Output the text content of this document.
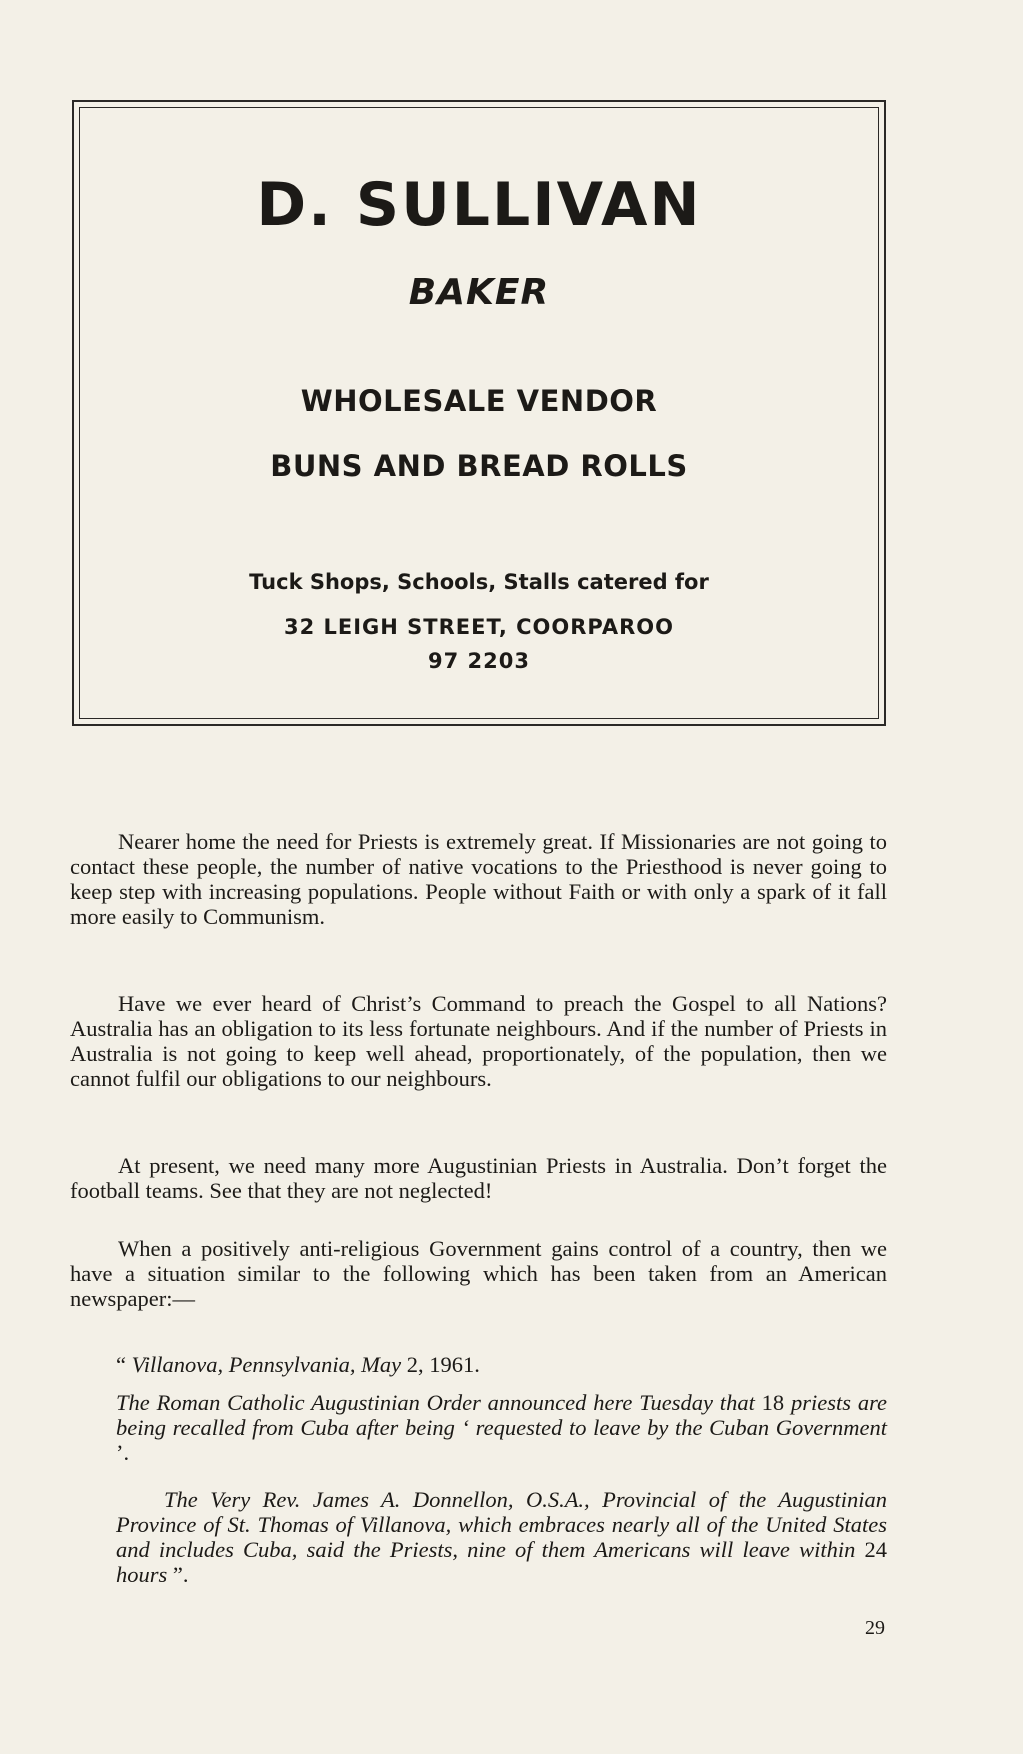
D. SULLIVAN
BAKER
WHOLESALE VENDOR
BUNS AND BREAD ROLLS
Tuck Shops, Schools, Stalls catered for
32 LEIGH STREET, COORPAROO
97 2203

Nearer home the need for Priests is extremely great. If Missionaries are not going to contact these people, the number of native vocations to the Priesthood is never going to keep step with increasing populations. People without Faith or with only a spark of it fall more easily to Communism.

Have we ever heard of Christ’s Command to preach the Gospel to all Nations? Australia has an obligation to its less fortunate neighbours. And if the number of Priests in Australia is not going to keep well ahead, proportionately, of the population, then we cannot fulfil our obligations to our neighbours.

At present, we need many more Augustinian Priests in Australia. Don’t forget the football teams. See that they are not neglected!

When a positively anti-religious Government gains control of a country, then we have a situation similar to the following which has been taken from an American newspaper:—

“ Villanova, Pennsylvania, May 2, 1961.

The Roman Catholic Augustinian Order announced here Tuesday that 18 priests are being recalled from Cuba after being ‘ requested to leave by the Cuban Government ’.

The Very Rev. James A. Donnellon, O.S.A., Provincial of the Augustinian Province of St. Thomas of Villanova, which embraces nearly all of the United States and includes Cuba, said the Priests, nine of them Americans will leave within 24 hours ”.

29
